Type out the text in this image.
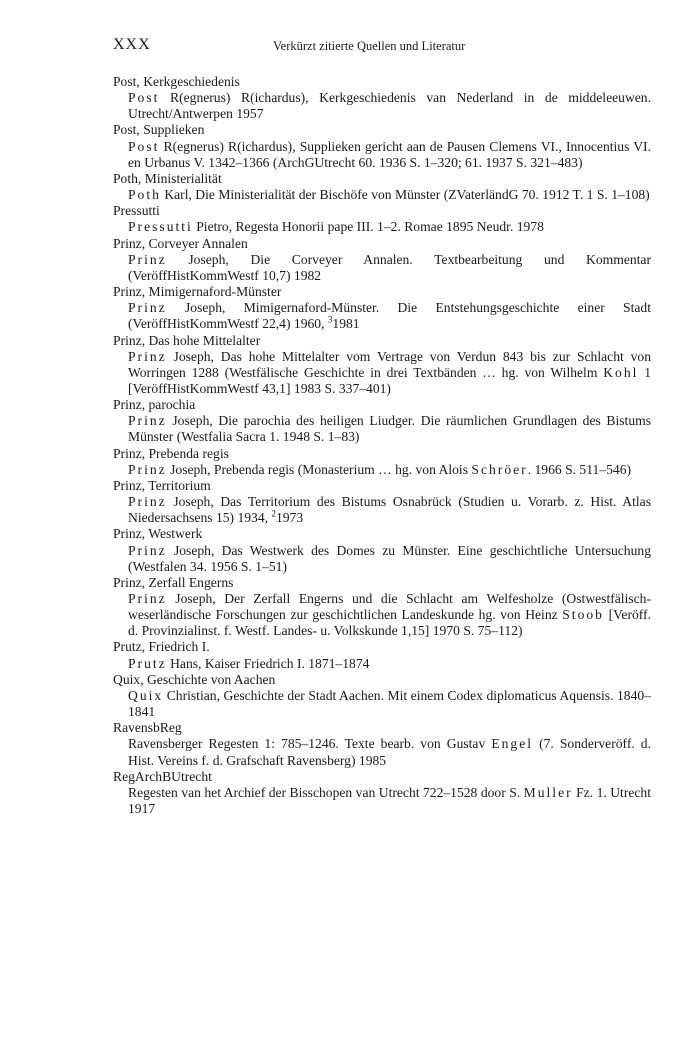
XXX	Verkürzt zitierte Quellen und Literatur
Post, Kerkgeschiedenis
Post R(egnerus) R(ichardus), Kerkgeschiedenis van Nederland in de middeleeuwen. Utrecht/Antwerpen 1957
Post, Supplieken
Post R(egnerus) R(ichardus), Supplieken gericht aan de Pausen Clemens VI., Innocentius VI. en Urbanus V. 1342–1366 (ArchGUtrecht 60. 1936 S. 1–320; 61. 1937 S. 321–483)
Poth, Ministerialität
Poth Karl, Die Ministerialität der Bischöfe von Münster (ZVaterländG 70. 1912 T. 1 S. 1–108)
Pressutti
Pressutti Pietro, Regesta Honorii pape III. 1–2. Romae 1895 Neudr. 1978
Prinz, Corveyer Annalen
Prinz Joseph, Die Corveyer Annalen. Textbearbeitung und Kommentar (VeröffHistKommWestf 10,7) 1982
Prinz, Mimigernaford-Münster
Prinz Joseph, Mimigernaford-Münster. Die Entstehungsgeschichte einer Stadt (VeröffHistKommWestf 22,4) 1960, $^3$1981
Prinz, Das hohe Mittelalter
Prinz Joseph, Das hohe Mittelalter vom Vertrage von Verdun 843 bis zur Schlacht von Worringen 1288 (Westfälische Geschichte in drei Textbänden … hg. von Wilhelm Kohl 1 [VeröffHistKommWestf 43,1] 1983 S. 337–401)
Prinz, parochia
Prinz Joseph, Die parochia des heiligen Liudger. Die räumlichen Grundlagen des Bistums Münster (Westfalia Sacra 1. 1948 S. 1–83)
Prinz, Prebenda regis
Prinz Joseph, Prebenda regis (Monasterium … hg. von Alois Schröer. 1966 S. 511–546)
Prinz, Territorium
Prinz Joseph, Das Territorium des Bistums Osnabrück (Studien u. Vorarb. z. Hist. Atlas Niedersachsens 15) 1934, $^2$1973
Prinz, Westwerk
Prinz Joseph, Das Westwerk des Domes zu Münster. Eine geschichtliche Untersuchung (Westfalen 34. 1956 S. 1–51)
Prinz, Zerfall Engerns
Prinz Joseph, Der Zerfall Engerns und die Schlacht am Welfesholze (Ostwestfälisch-weserländische Forschungen zur geschichtlichen Landeskunde hg. von Heinz Stoob [Veröff. d. Provinzialinst. f. Westf. Landes- u. Volkskunde 1,15] 1970 S. 75–112)
Prutz, Friedrich I.
Prutz Hans, Kaiser Friedrich I. 1871–1874
Quix, Geschichte von Aachen
Quix Christian, Geschichte der Stadt Aachen. Mit einem Codex diplomaticus Aquensis. 1840–1841
RavensbReg
Ravensberger Regesten 1: 785–1246. Texte bearb. von Gustav Engel (7. Sonderveröff. d. Hist. Vereins f. d. Grafschaft Ravensberg) 1985
RegArchBUtrecht
Regesten van het Archief der Bisschopen van Utrecht 722–1528 door S. Muller Fz. 1. Utrecht 1917
